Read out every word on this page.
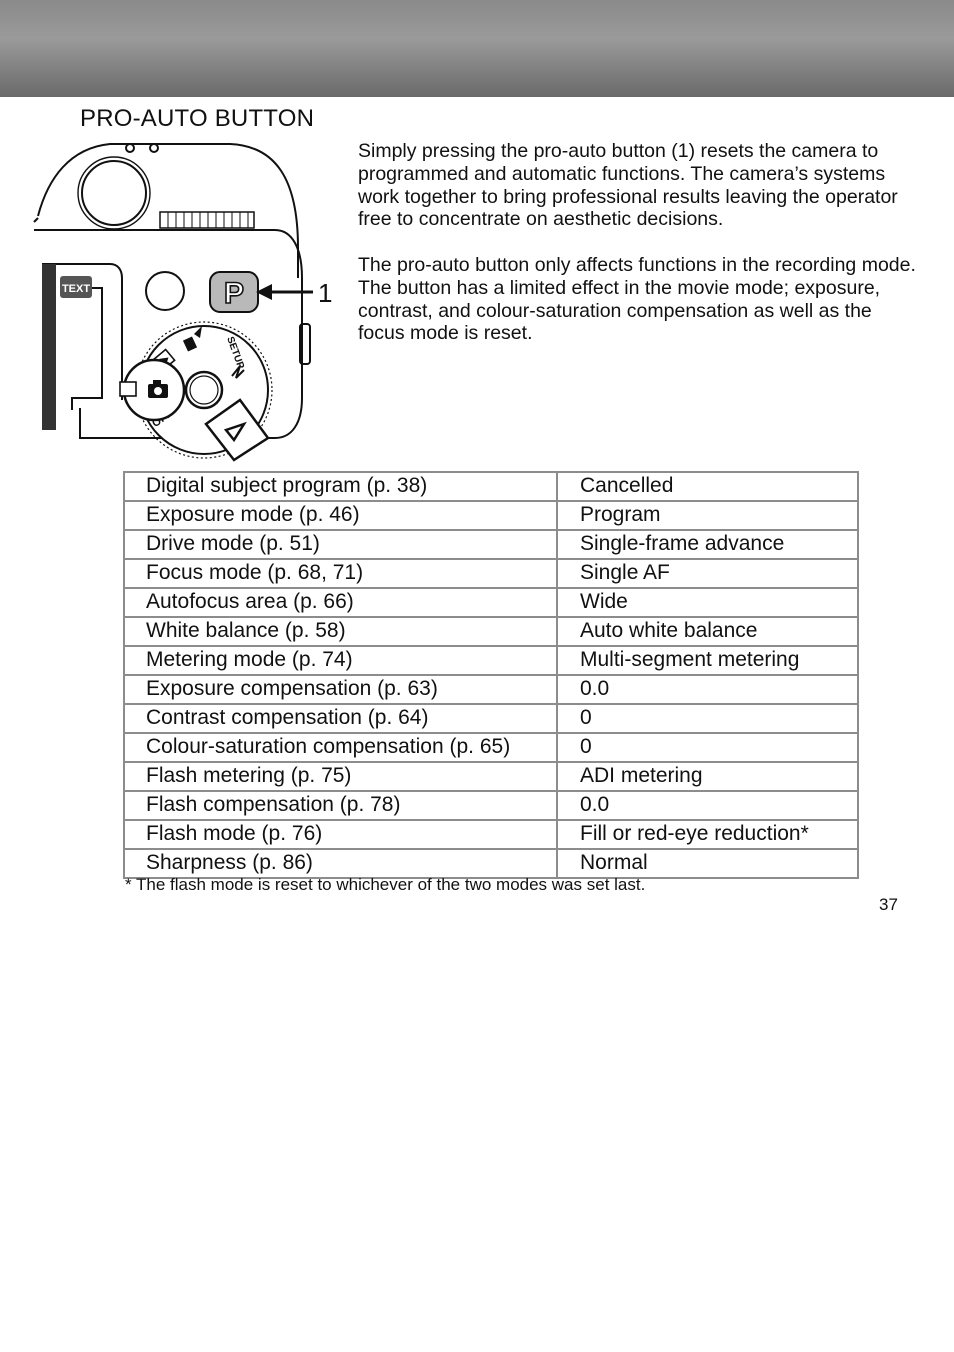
PRO-AUTO BUTTON
TEXT	P	1
SETUP

Simply pressing the pro-auto button (1) resets the camera to programmed and automatic functions. The camera’s systems work together to bring professional results leaving the operator free to concentrate on aesthetic decisions.

The pro-auto button only affects functions in the recording mode. The button has a limited effect in the movie mode; exposure, contrast, and colour-saturation compensation as well as the focus mode is reset.

Digital subject program (p. 38)	Cancelled
Exposure mode (p. 46)	Program
Drive mode (p. 51)	Single-frame advance
Focus mode (p. 68, 71)	Single AF
Autofocus area (p. 66)	Wide
White balance (p. 58)	Auto white balance
Metering mode (p. 74)	Multi-segment metering
Exposure compensation (p. 63)	0.0
Contrast compensation (p. 64)	0
Colour-saturation compensation (p. 65)	0
Flash metering (p. 75)	ADI metering
Flash compensation (p. 78)	0.0
Flash mode (p. 76)	Fill or red-eye reduction*
Sharpness (p. 86)	Normal
* The flash mode is reset to whichever of the two modes was set last.
37
